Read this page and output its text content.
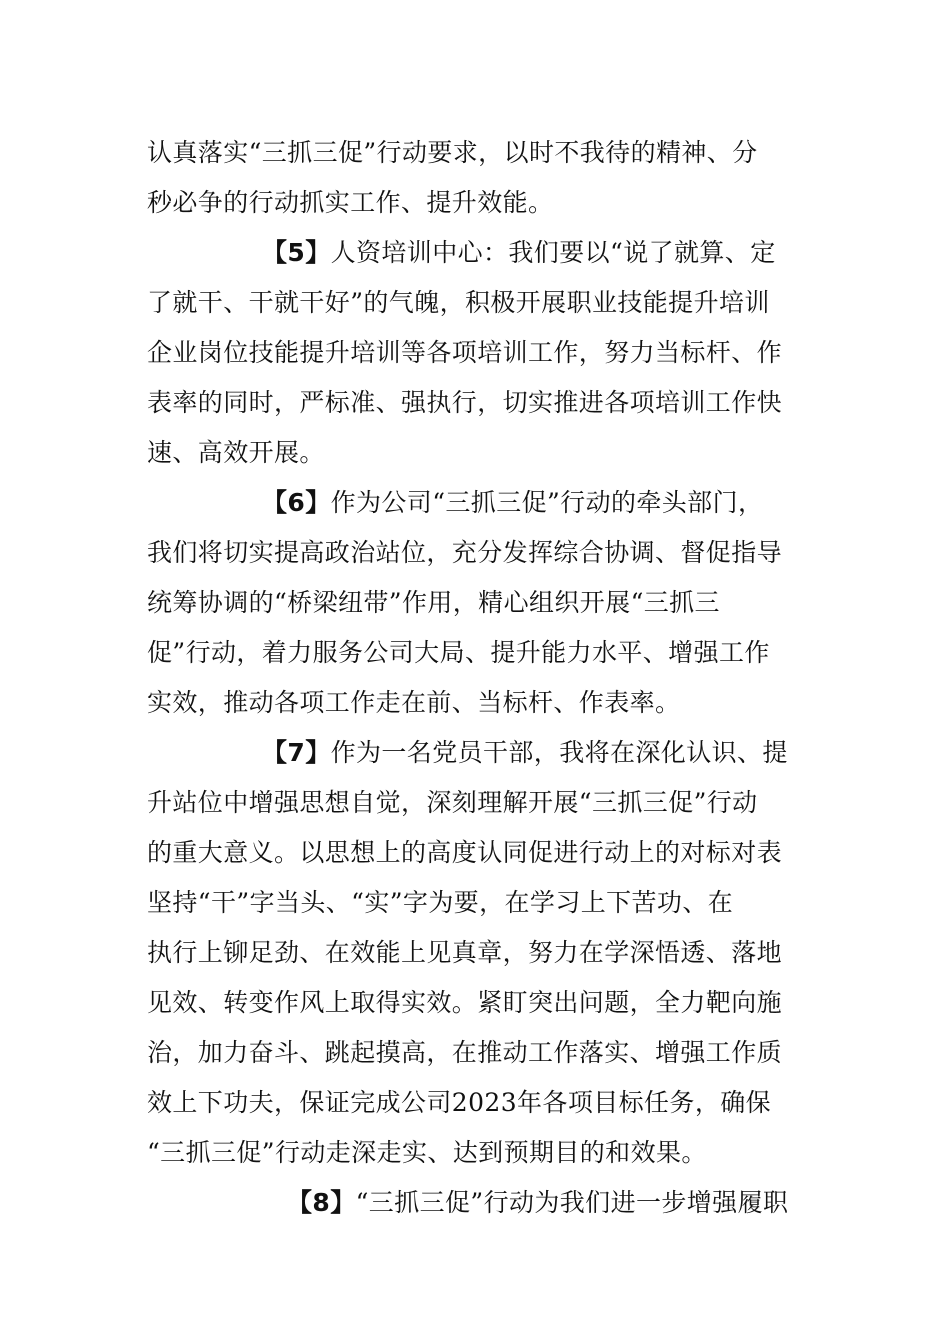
认真落实“三抓三促”行动要求，以时不我待的精神、分
秒必争的行动抓实工作、提升效能。
【5】人资培训中心：我们要以“说了就算、定
了就干、干就干好”的气魄，积极开展职业技能提升培训
企业岗位技能提升培训等各项培训工作，努力当标杆、作
表率的同时，严标准、强执行，切实推进各项培训工作快
速、高效开展。
【6】作为公司“三抓三促”行动的牵头部门，
我们将切实提高政治站位，充分发挥综合协调、督促指导
统筹协调的“桥梁纽带”作用，精心组织开展“三抓三
促”行动，着力服务公司大局、提升能力水平、增强工作
实效，推动各项工作走在前、当标杆、作表率。
【7】作为一名党员干部，我将在深化认识、提
升站位中增强思想自觉，深刻理解开展“三抓三促”行动
的重大意义。以思想上的高度认同促进行动上的对标对表
坚持“干”字当头、“实”字为要，在学习上下苦功、在
执行上铆足劲、在效能上见真章，努力在学深悟透、落地
见效、转变作风上取得实效。紧盯突出问题，全力靶向施
治，加力奋斗、跳起摸高，在推动工作落实、增强工作质
效上下功夫，保证完成公司2023年各项目标任务，确保
“三抓三促”行动走深走实、达到预期目的和效果。
【8】“三抓三促”行动为我们进一步增强履职
